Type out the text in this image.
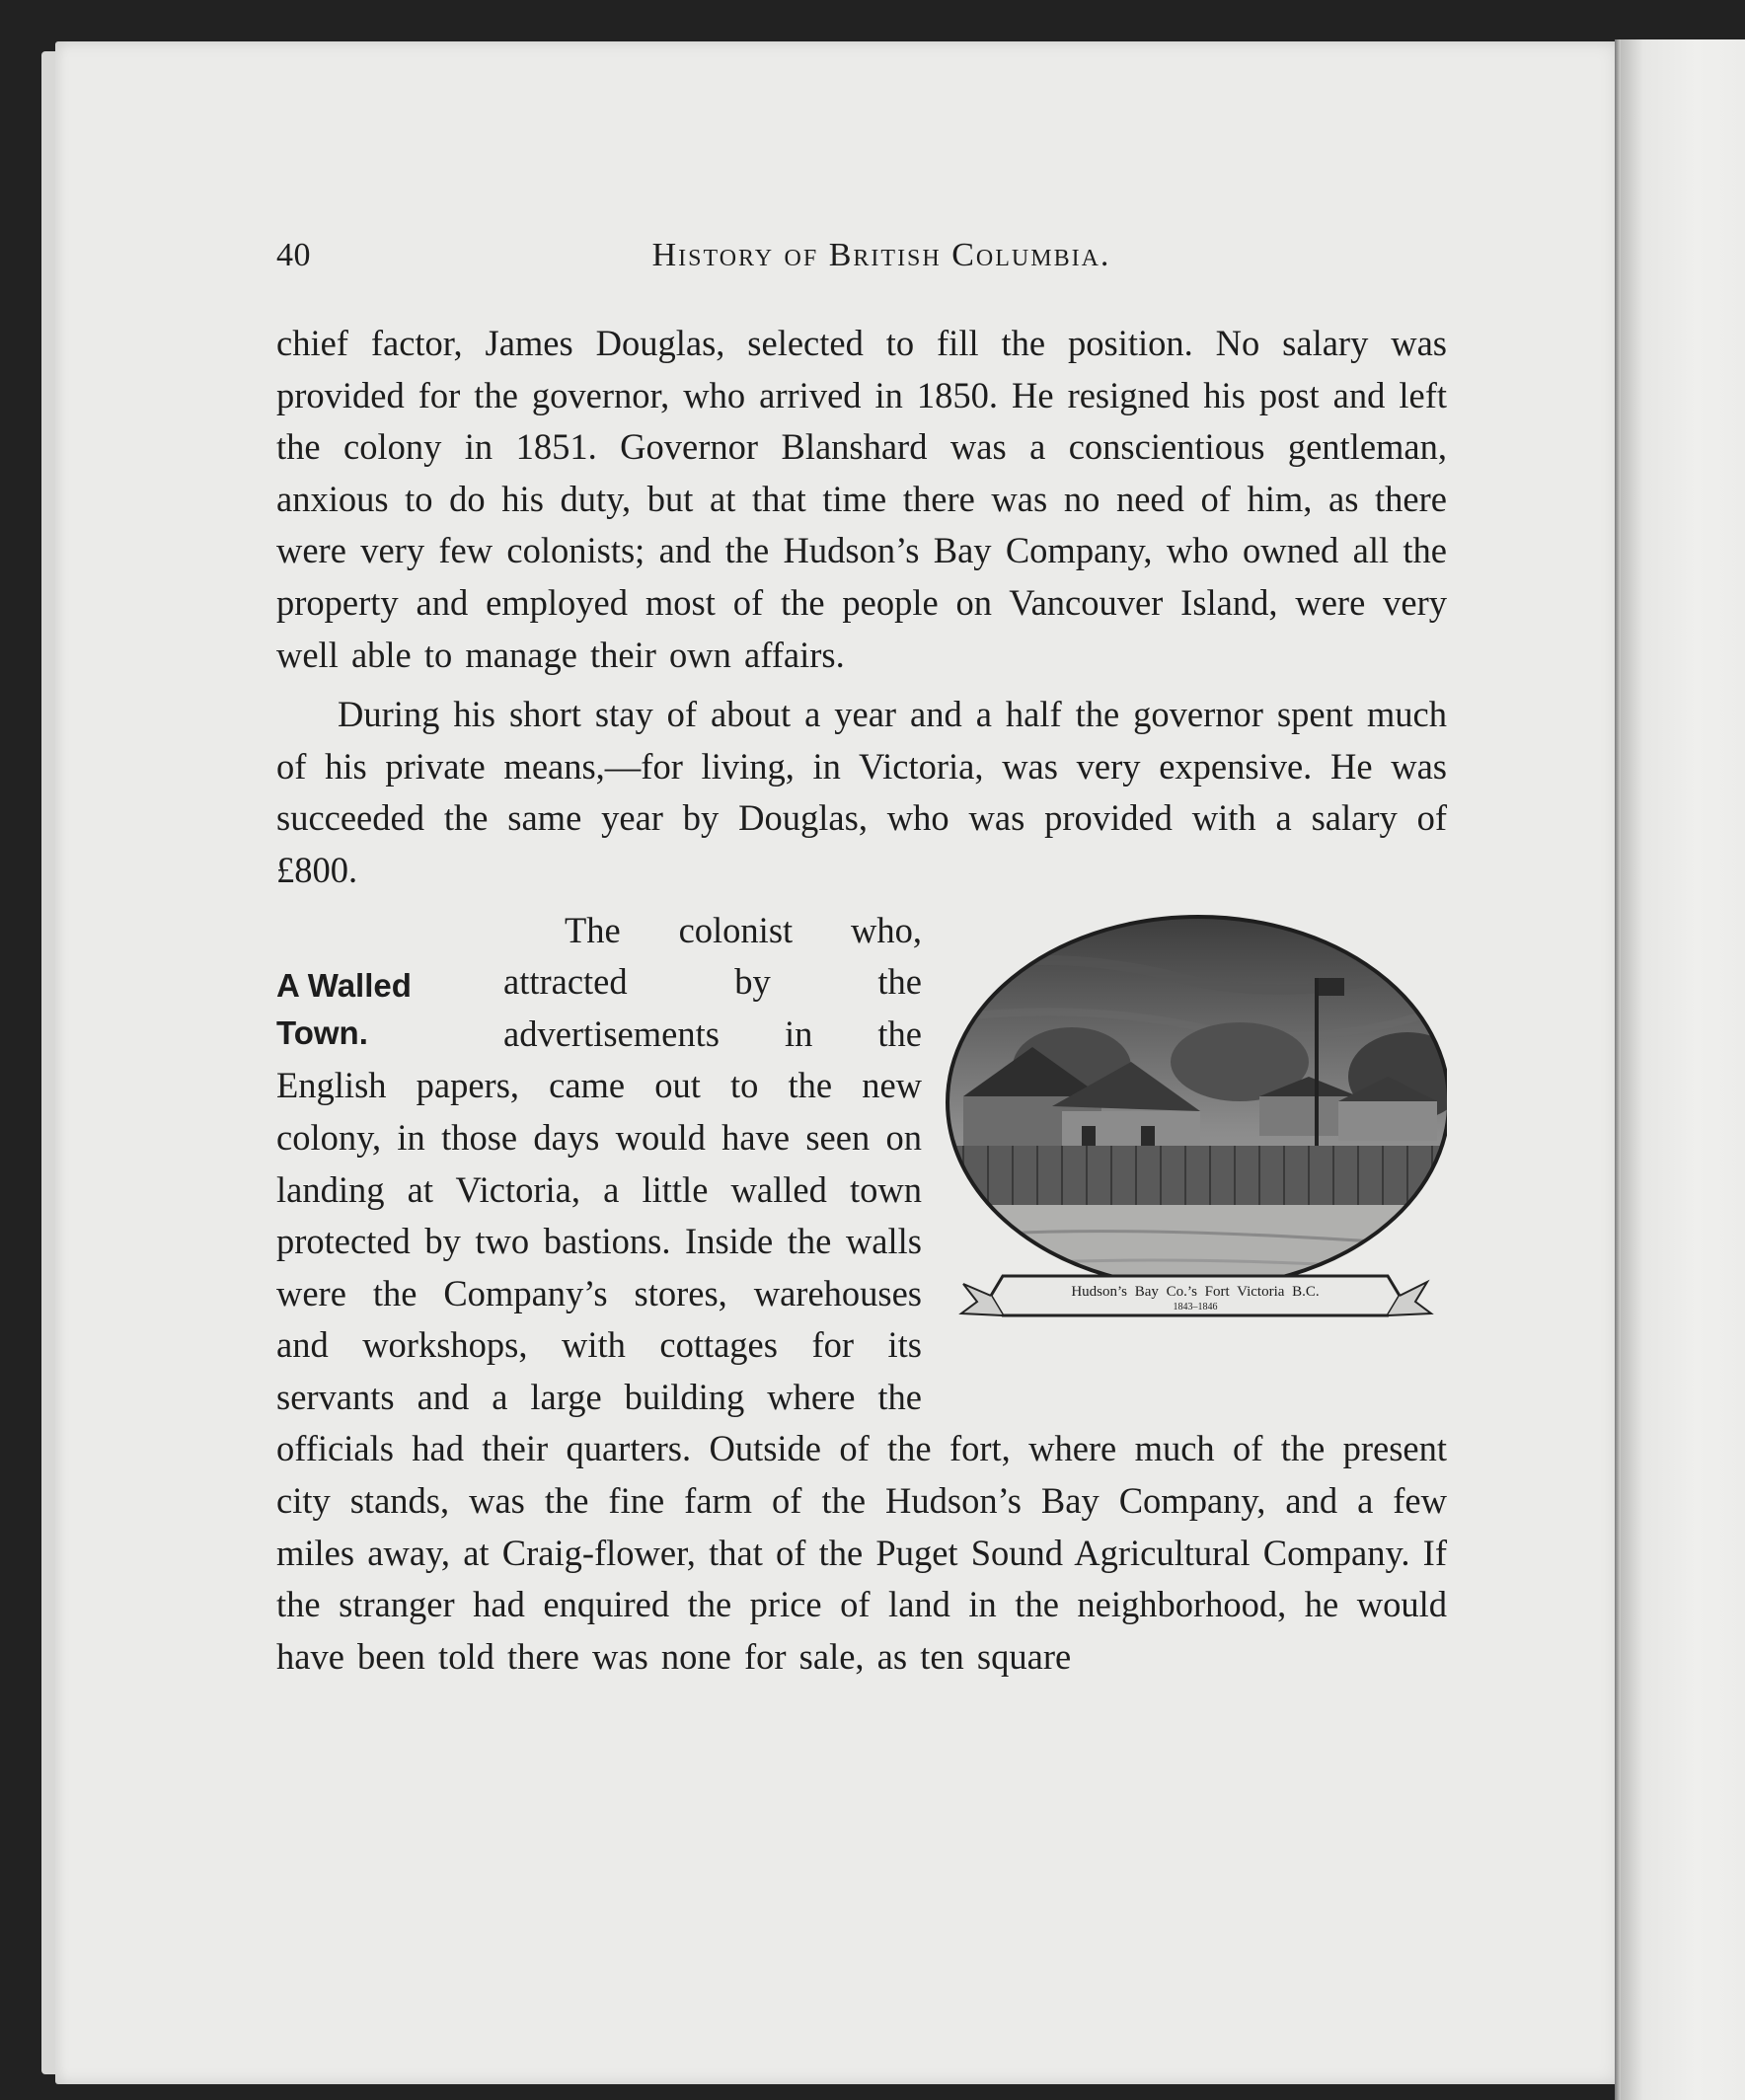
40	History of British Columbia.

chief factor, James Douglas, selected to fill the position. No salary was provided for the governor, who arrived in 1850. He resigned his post and left the colony in 1851. Governor Blanshard was a conscientious gentleman, anxious to do his duty, but at that time there was no need of him, as there were very few colonists; and the Hudson’s Bay Company, who owned all the property and employed most of the people on Vancouver Island, were very well able to manage their own affairs.

During his short stay of about a year and a half the governor spent much of his private means,—for living, in Victoria, was very expensive. He was succeeded the same year by Douglas, who was provided with a salary of £800.

Hudson’s Bay Co.’s Fort Victoria B.C.
1843–1846
A Walled Town.

The colonist who, attracted by the advertisements in the English papers, came out to the new colony, in those days would have seen on landing at Victoria, a little walled town protected by two bastions. Inside the walls were the Company’s stores, warehouses and workshops, with cottages for its servants and a large building where the officials had their quarters. Outside of the fort, where much of the present city stands, was the fine farm of the Hudson’s Bay Company, and a few miles away, at Craig-flower, that of the Puget Sound Agricultural Company. If the stranger had enquired the price of land in the neighborhood, he would have been told there was none for sale, as ten square
